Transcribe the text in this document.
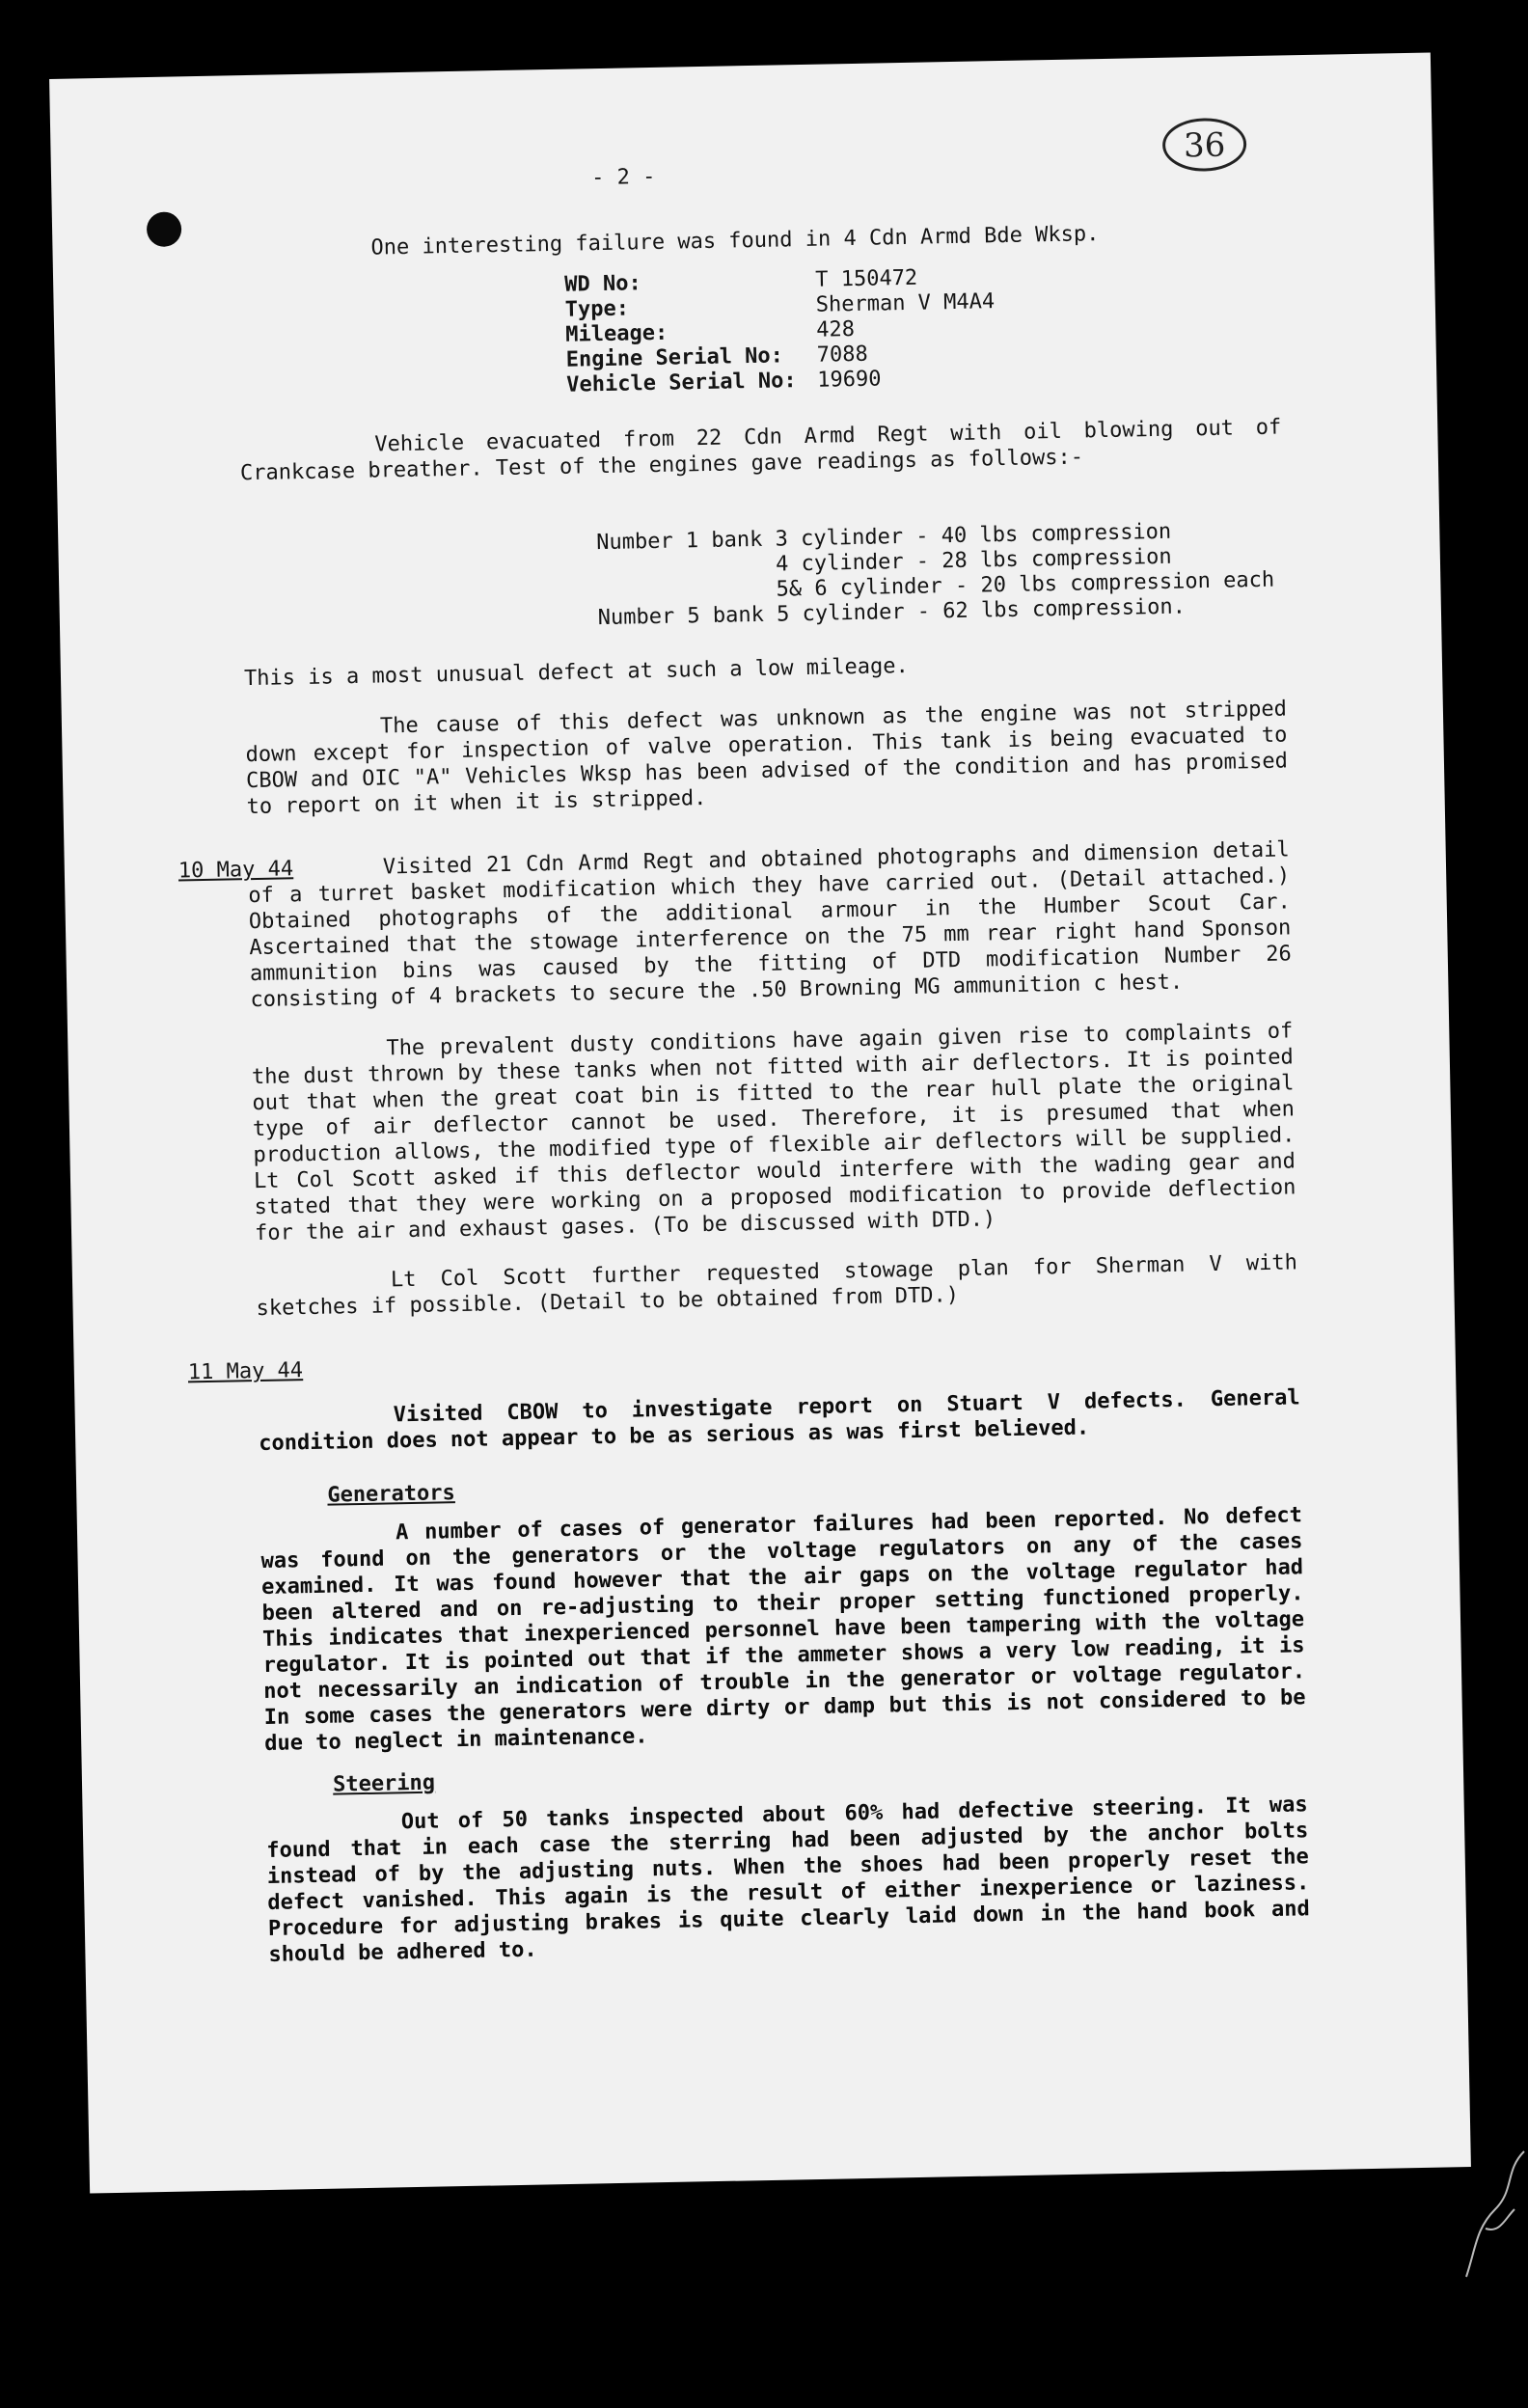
36
- 2 -
One interesting failure was found in 4 Cdn Armd Bde Wksp.
WD No:	T 150472
Type:	Sherman V M4A4
Mileage:	428
Engine Serial No: 7088
Vehicle Serial No: 19690

Vehicle evacuated from 22 Cdn Armd Regt with oil blowing out of Crankcase breather. Test of the engines gave readings as follows:-

Number 1 bank 3 cylinder - 40 lbs compression
4 cylinder - 28 lbs compression
5& 6 cylinder - 20 lbs compression each
Number 5 bank 5 cylinder - 62 lbs compression.

This is a most unusual defect at such a low mileage.

The cause of this defect was unknown as the engine was not stripped down except for inspection of valve operation. This tank is being evacuated to CBOW and OIC "A" Vehicles Wksp has been advised of the condition and has promised to report on it when it is stripped.

10 May 44	Visited 21 Cdn Armd Regt and obtained photographs and dimension detail of a turret basket modification which they have carried out. (Detail attached.) Obtained photographs of the additional armour in the Humber Scout Car. Ascertained that the stowage interference on the 75 mm rear right hand Sponson ammunition bins was caused by the fitting of DTD modification Number 26 consisting of 4 brackets to secure the .50 Browning MG ammunition c hest.

The prevalent dusty conditions have again given rise to complaints of the dust thrown by these tanks when not fitted with air deflectors. It is pointed out that when the great coat bin is fitted to the rear hull plate the original type of air deflector cannot be used. Therefore, it is presumed that when production allows, the modified type of flexible air deflectors will be supplied. Lt Col Scott asked if this deflector would interfere with the wading gear and stated that they were working on a proposed modification to provide deflection for the air and exhaust gases. (To be discussed with DTD.)

Lt Col Scott further requested stowage plan for Sherman V with sketches if possible. (Detail to be obtained from DTD.)

11 May 44

Visited CBOW to investigate report on Stuart V defects. General condition does not appear to be as serious as was first believed.

Generators

A number of cases of generator failures had been reported. No defect was found on the generators or the voltage regulators on any of the cases examined. It was found however that the air gaps on the voltage regulator had been altered and on re-adjusting to their proper setting functioned properly. This indicates that inexperienced personnel have been tampering with the voltage regulator. It is pointed out that if the ammeter shows a very low reading, it is not necessarily an indication of trouble in the generator or voltage regulator. In some cases the generators were dirty or damp but this is not considered to be due to neglect in maintenance.

Steering

Out of 50 tanks inspected about 60% had defective steering. It was found that in each case the sterring had been adjusted by the anchor bolts instead of by the adjusting nuts. When the shoes had been properly reset the defect vanished. This again is the result of either inexperience or laziness. Procedure for adjusting brakes is quite clearly laid down in the hand book and should be adhered to.
